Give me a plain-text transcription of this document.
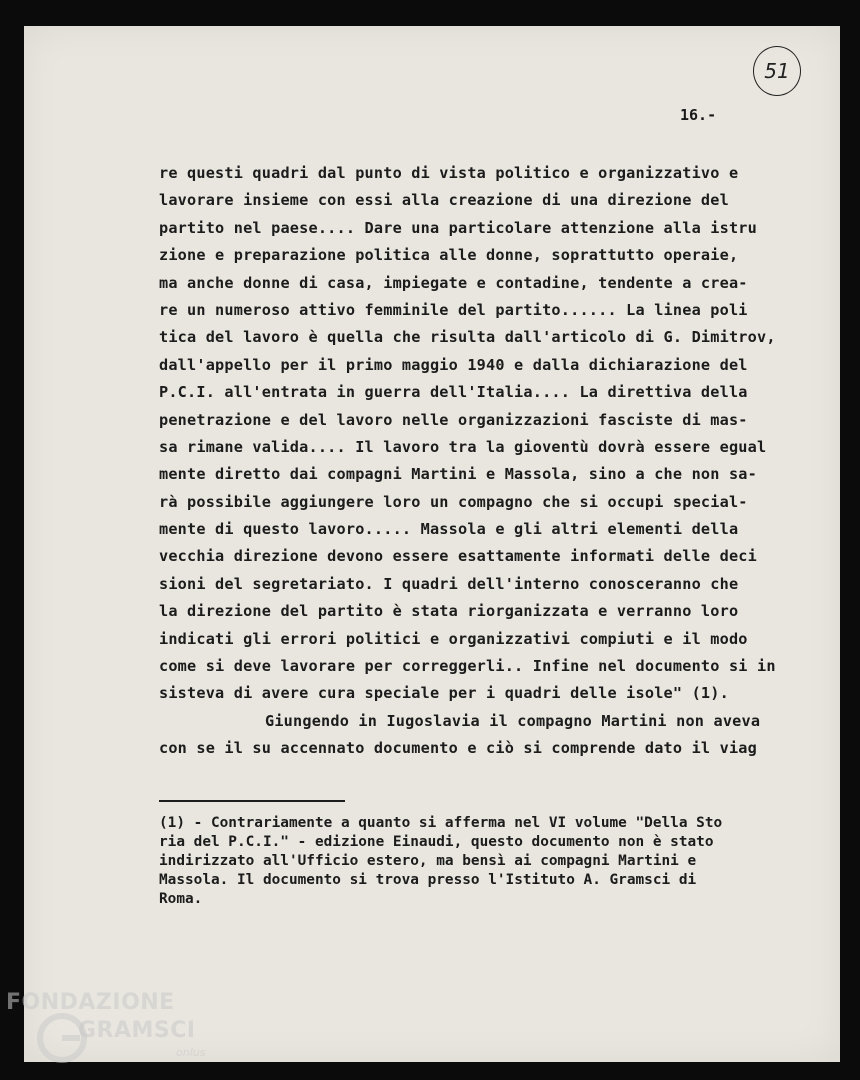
51
16.-
re questi quadri dal punto di vista politico e organizzativo e
lavorare insieme con essi alla creazione di una direzione del
partito nel paese.... Dare una particolare attenzione alla istru
zione e preparazione politica alle donne, soprattutto operaie,
ma anche donne di casa, impiegate e contadine, tendente a crea-
re un numeroso attivo femminile del partito...... La linea poli
tica del lavoro è quella che risulta dall'articolo di G. Dimitrov,
dall'appello per il primo maggio 1940 e dalla dichiarazione del
P.C.I. all'entrata in guerra dell'Italia.... La direttiva della
penetrazione e del lavoro nelle organizzazioni fasciste di mas-
sa rimane valida.... Il lavoro tra la gioventù dovrà essere egual
mente diretto dai compagni Martini e Massola, sino a che non sa-
rà possibile aggiungere loro un compagno che si occupi special-
mente di questo lavoro..... Massola e gli altri elementi della
vecchia direzione devono essere esattamente informati delle deci
sioni del segretariato. I quadri dell'interno conosceranno che
la direzione del partito è stata riorganizzata e verranno loro
indicati gli errori politici e organizzativi compiuti e il modo
come si deve lavorare per correggerli.. Infine nel documento si in
sisteva di avere cura speciale per i quadri delle isole" (1).
Giungendo in Iugoslavia il compagno Martini non aveva
con se il su accennato documento e ciò si comprende dato il viag
(1) - Contrariamente a quanto si afferma nel VI volume "Della Sto
ria del P.C.I." - edizione Einaudi, questo documento non è stato
indirizzato all'Ufficio estero, ma bensì ai compagni Martini e
Massola. Il documento si trova presso l'Istituto A. Gramsci di
Roma.
FONDAZIONE
GRAMSCI
onlus
